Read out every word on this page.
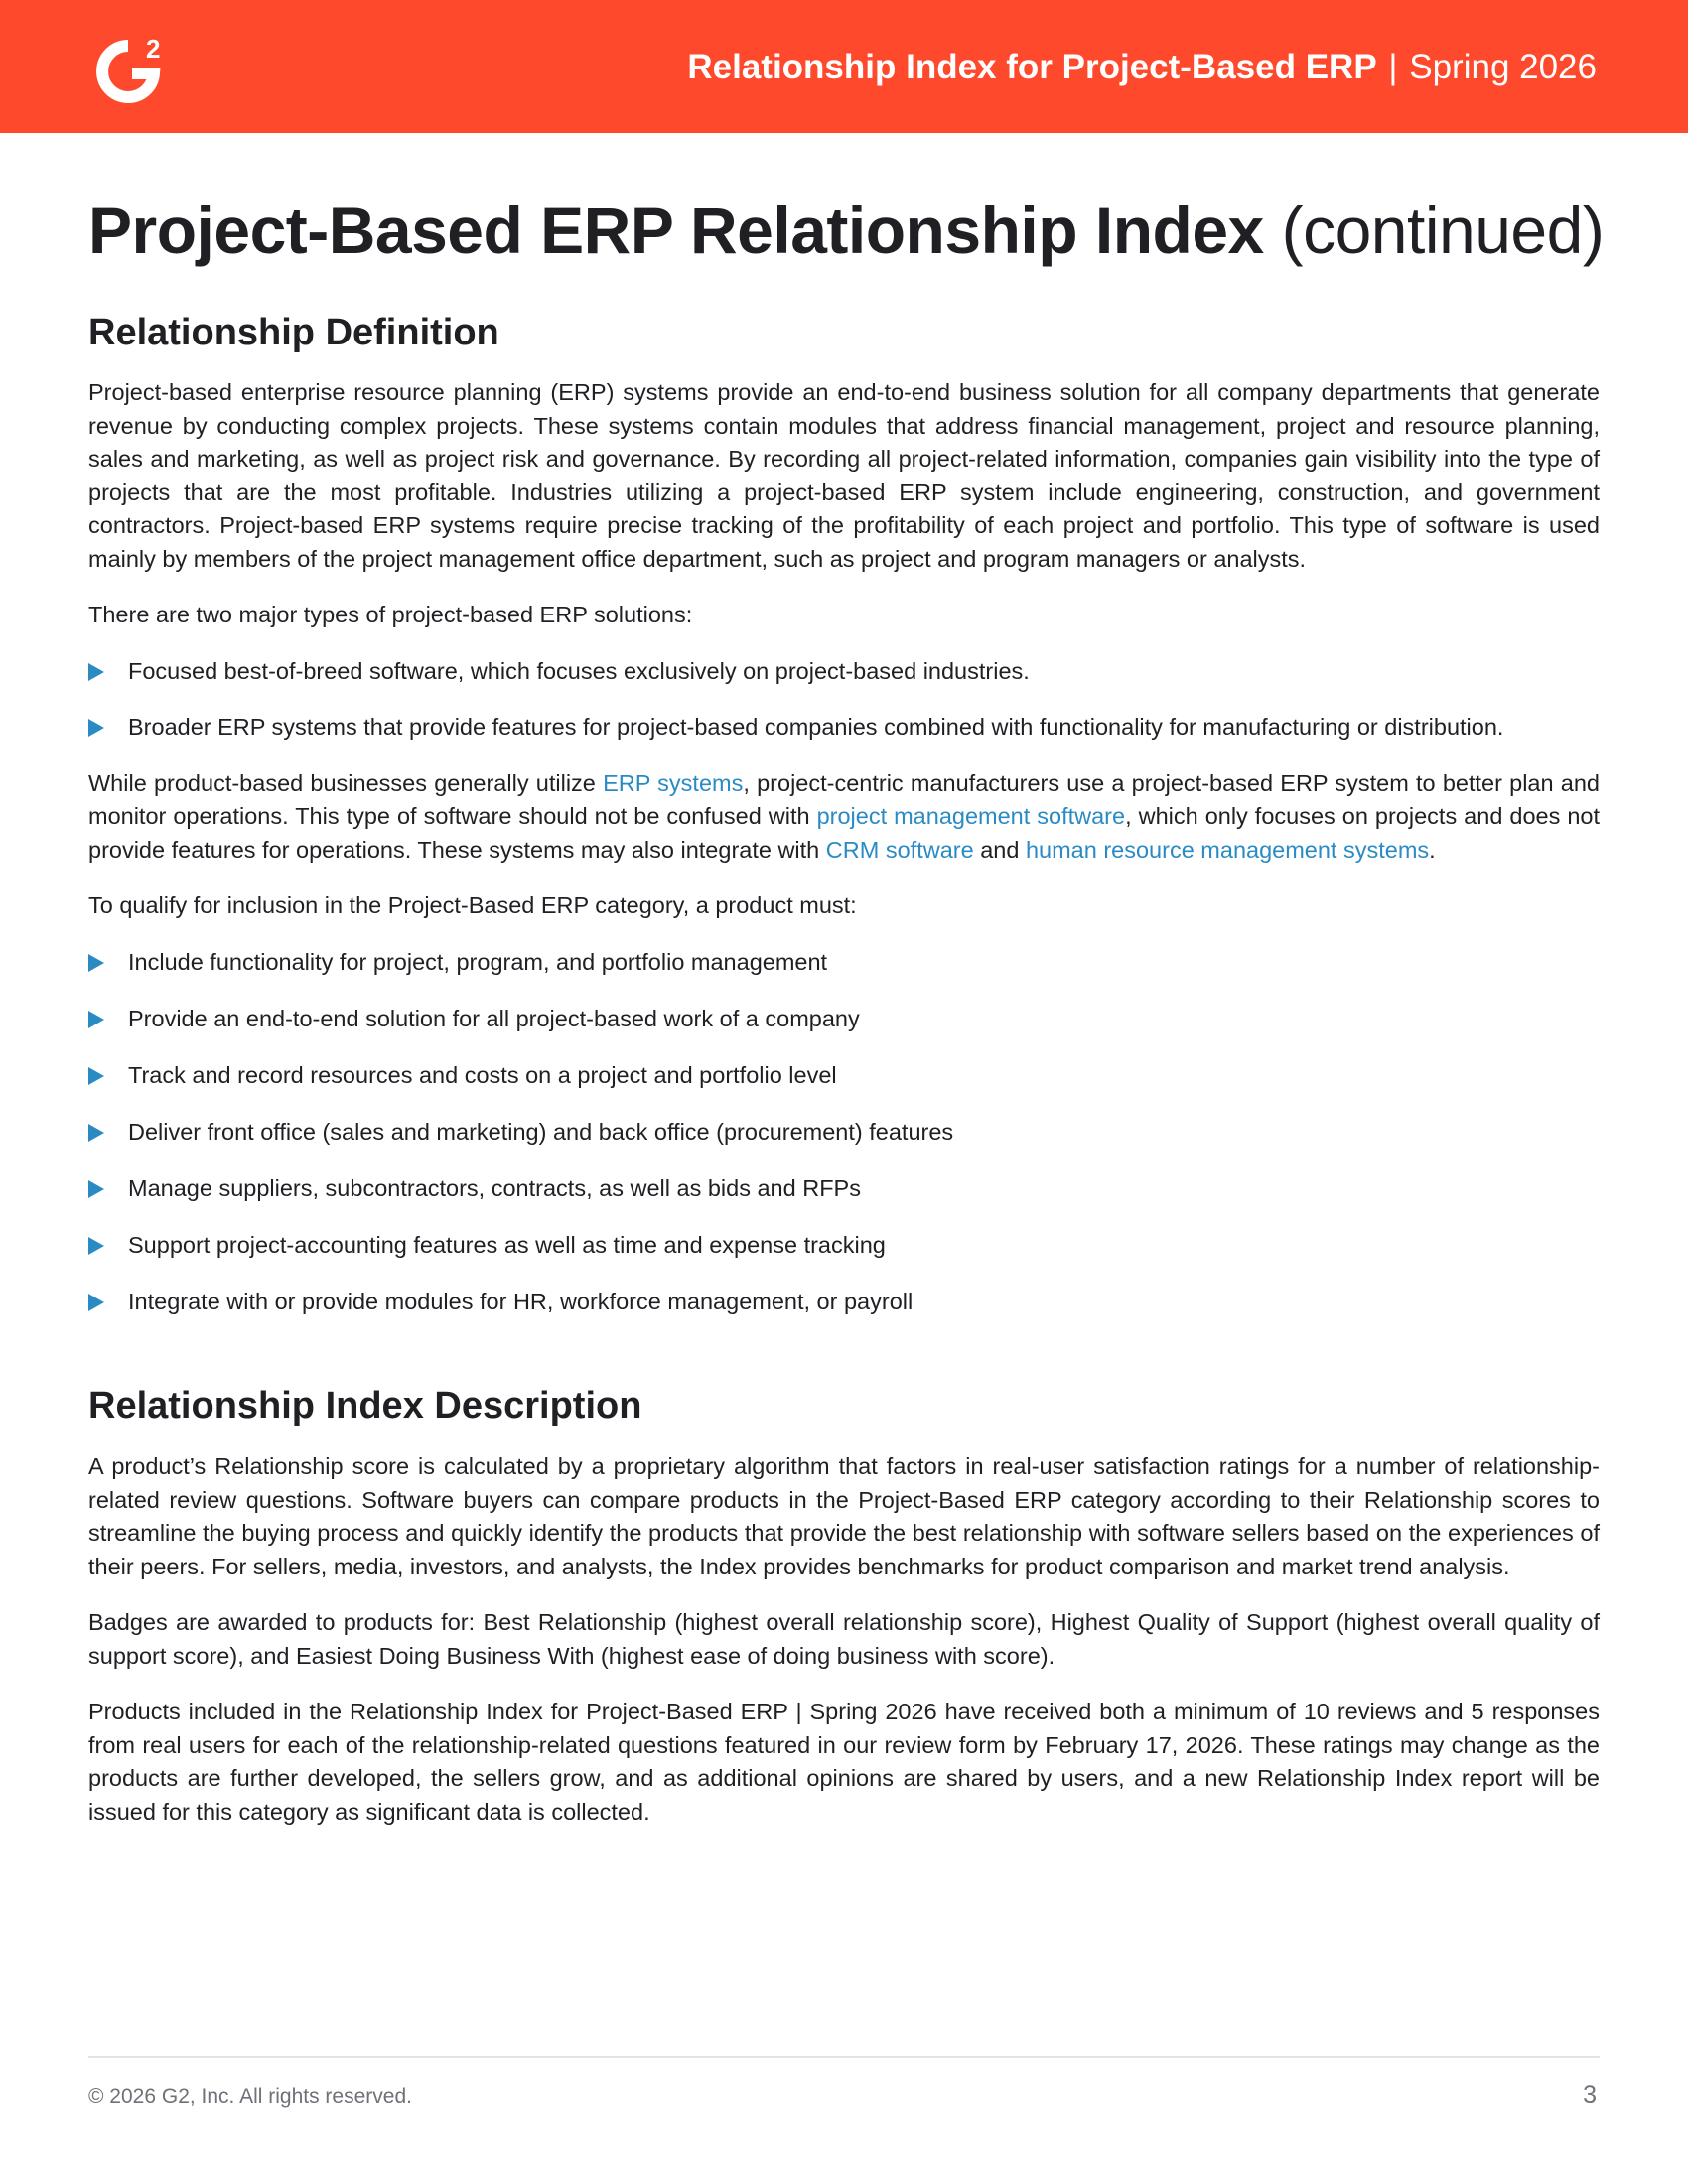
2	Relationship Index for Project-Based ERP | Spring 2026
Project-Based ERP Relationship Index (continued)
Relationship Definition

Project-based enterprise resource planning (ERP) systems provide an end-to-end business solution for all company departments that generate revenue by conducting complex projects. These systems contain modules that address financial management, project and resource planning, sales and marketing, as well as project risk and governance. By recording all project-related information, companies gain visibility into the type of projects that are the most profitable. Industries utilizing a project-based ERP system include engineering, construction, and government contractors. Project-based ERP systems require precise tracking of the profitability of each project and portfolio. This type of software is used mainly by members of the project management office department, such as project and program managers or analysts.

There are two major types of project-based ERP solutions:

Focused best-of-breed software, which focuses exclusively on project-based industries.
Broader ERP systems that provide features for project-based companies combined with functionality for manufacturing or distribution.

While product-based businesses generally utilize ERP systems, project-centric manufacturers use a project-based ERP system to better plan and monitor operations. This type of software should not be confused with project management software, which only focuses on projects and does not provide features for operations. These systems may also integrate with CRM software and human resource management systems.

To qualify for inclusion in the Project-Based ERP category, a product must:

Include functionality for project, program, and portfolio management
Provide an end-to-end solution for all project-based work of a company
Track and record resources and costs on a project and portfolio level
Deliver front office (sales and marketing) and back office (procurement) features
Manage suppliers, subcontractors, contracts, as well as bids and RFPs
Support project-accounting features as well as time and expense tracking
Integrate with or provide modules for HR, workforce management, or payroll
Relationship Index Description

A product’s Relationship score is calculated by a proprietary algorithm that factors in real-user satisfaction ratings for a number of relationship-related review questions. Software buyers can compare products in the Project-Based ERP category according to their Relationship scores to streamline the buying process and quickly identify the products that provide the best relationship with software sellers based on the experiences of their peers. For sellers, media, investors, and analysts, the Index provides benchmarks for product comparison and market trend analysis.

Badges are awarded to products for: Best Relationship (highest overall relationship score), Highest Quality of Support (highest overall quality of support score), and Easiest Doing Business With (highest ease of doing business with score).

Products included in the Relationship Index for Project-Based ERP | Spring 2026 have received both a minimum of 10 reviews and 5 responses from real users for each of the relationship-related questions featured in our review form by February 17, 2026. These ratings may change as the products are further developed, the sellers grow, and as additional opinions are shared by users, and a new Relationship Index report will be issued for this category as significant data is collected.

© 2026 G2, Inc. All rights reserved.	3
